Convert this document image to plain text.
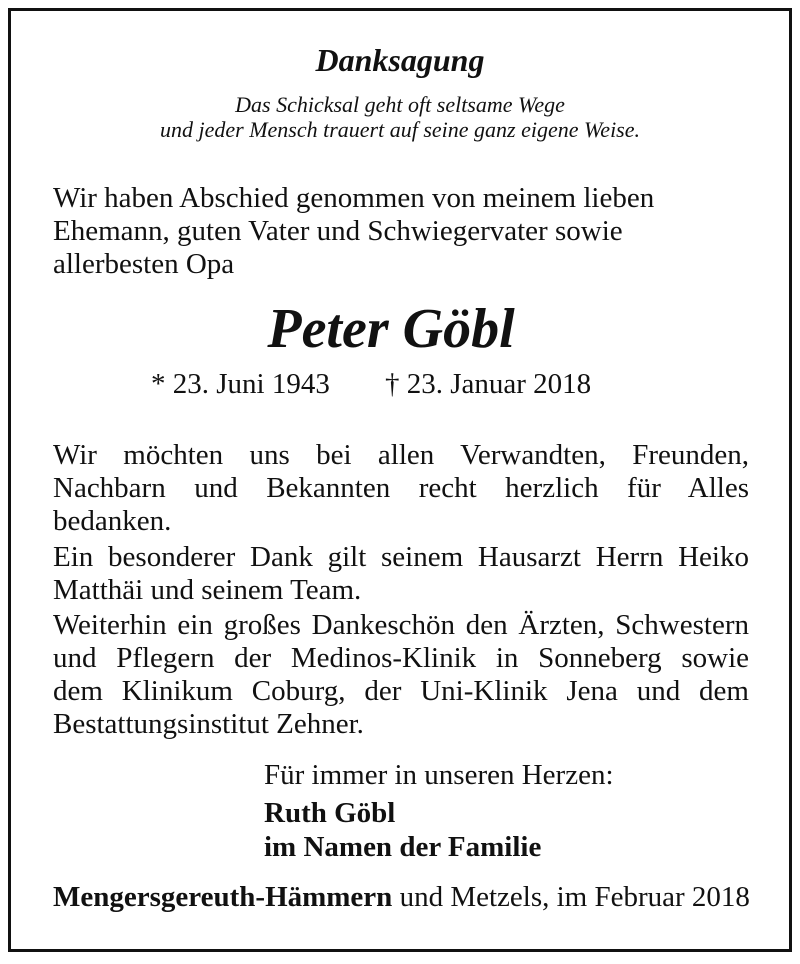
Danksagung
Das Schicksal geht oft seltsame Wege
und jeder Mensch trauert auf seine ganz eigene Weise.
Wir haben Abschied genommen von meinem lieben
Ehemann, guten Vater und Schwiegervater sowie
allerbesten Opa
Peter Göbl
* 23. Juni 1943 † 23. Januar 2018
Wir möchten uns bei allen Verwandten, Freunden,
Nachbarn und Bekannten recht herzlich für Alles
bedanken.
Ein besonderer Dank gilt seinem Hausarzt Herrn Heiko
Matthäi und seinem Team.
Weiterhin ein großes Dankeschön den Ärzten, Schwestern
und Pflegern der Medinos-Klinik in Sonneberg sowie
dem Klinikum Coburg, der Uni-Klinik Jena und dem
Bestattungsinstitut Zehner.
Für immer in unseren Herzen:
Ruth Göbl
im Namen der Familie
Mengersgereuth-Hämmern und Metzels, im Februar 2018
